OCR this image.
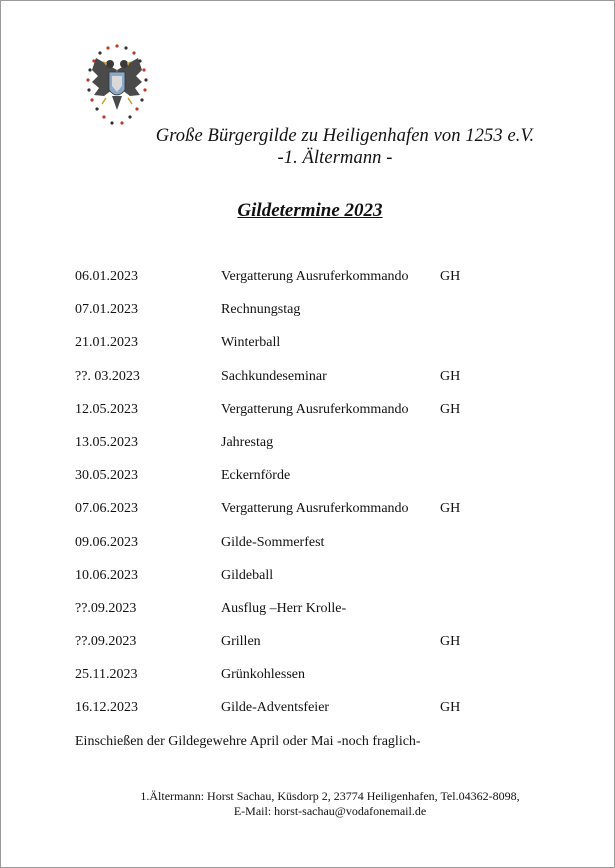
Große Bürgergilde zu Heiligenhafen von 1253 e.V.
-1. Ältermann -
Gildetermine 2023
06.01.2023	Vergatterung Ausruferkommando GH
07.01.2023	Rechnungstag
21.01.2023	Winterball
??. 03.2023	Sachkundeseminar	GH
12.05.2023	Vergatterung Ausruferkommando GH
13.05.2023	Jahrestag
30.05.2023	Eckernförde
07.06.2023	Vergatterung Ausruferkommando GH
09.06.2023	Gilde-Sommerfest
10.06.2023	Gildeball
??.09.2023	Ausflug –Herr Krolle-
??.09.2023	Grillen	GH
25.11.2023	Grünkohlessen
16.12.2023	Gilde-Adventsfeier	GH
Einschießen der Gildegewehre April oder Mai -noch fraglich-
1.Ältermann: Horst Sachau, Küsdorp 2, 23774 Heiligenhafen, Tel.04362-8098,
E-Mail: horst-sachau@vodafonemail.de
